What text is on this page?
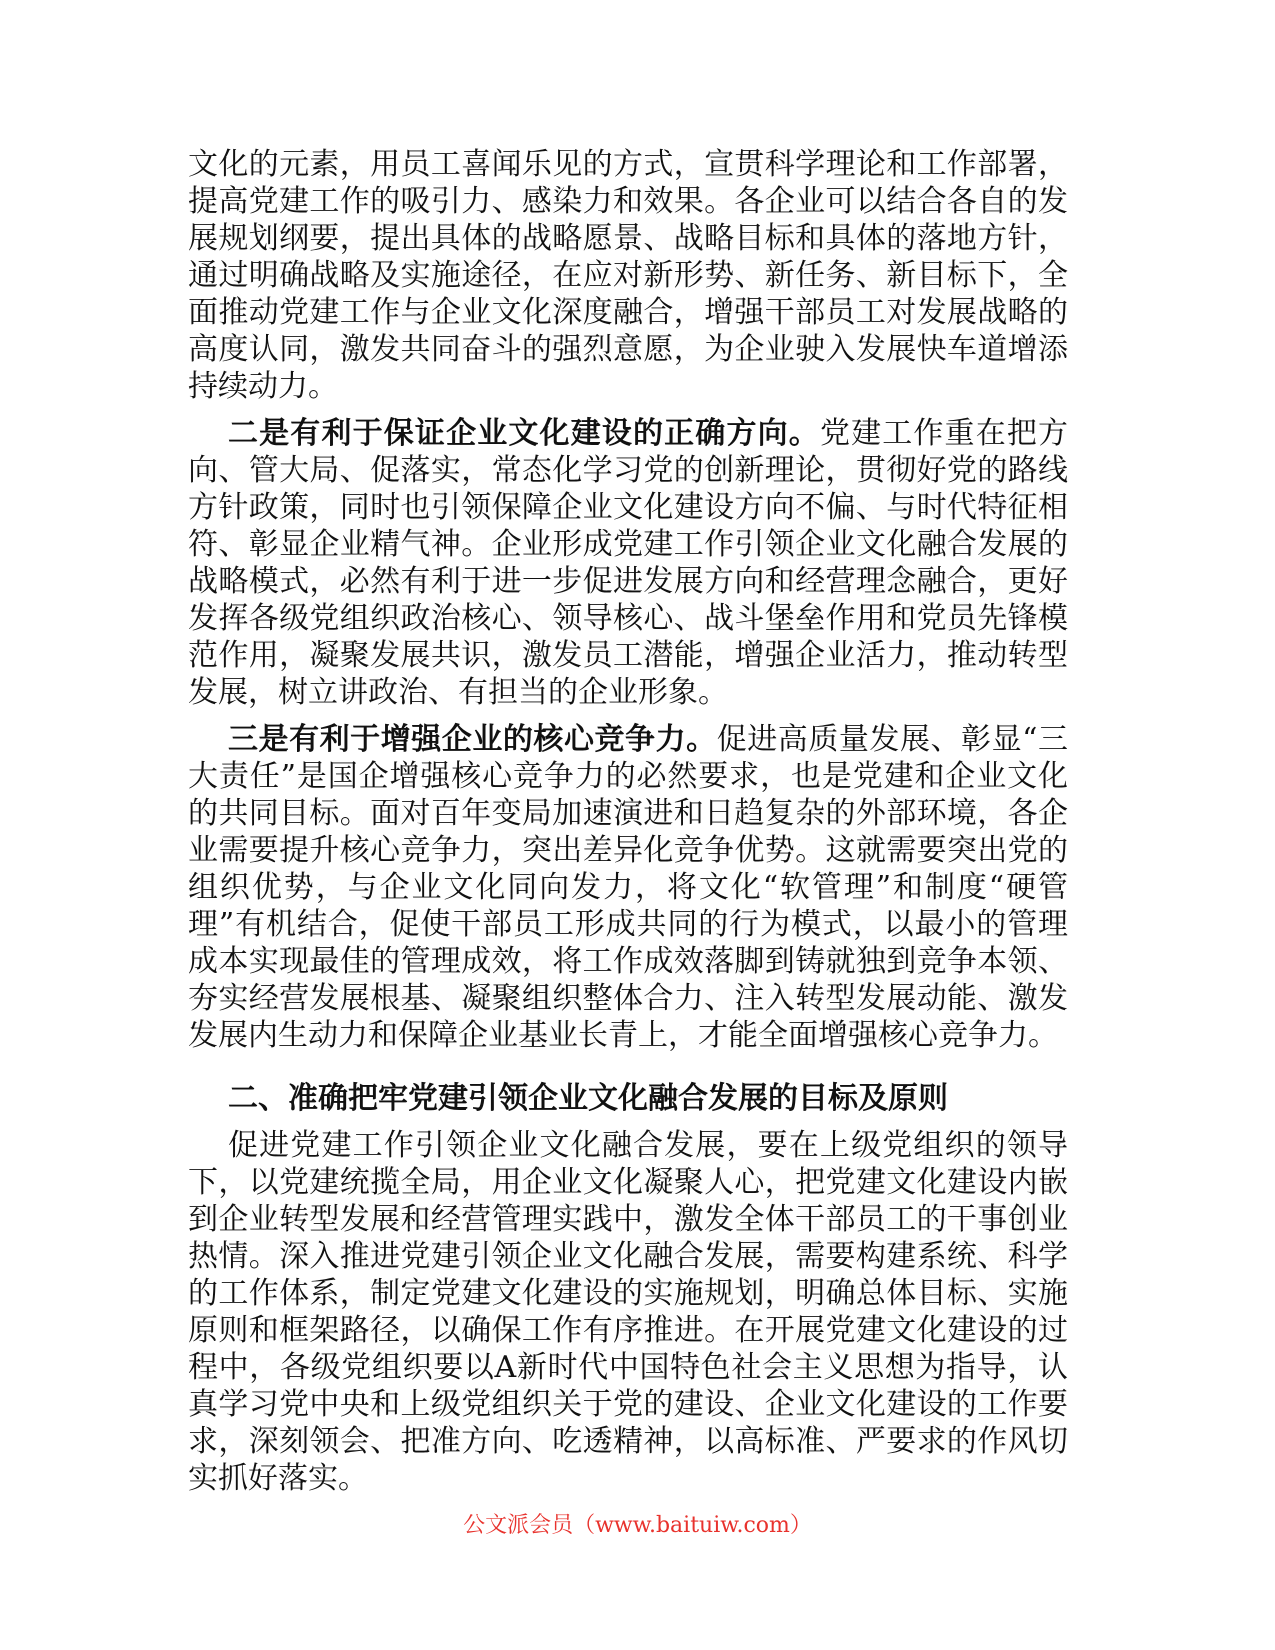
文化的元素，用员工喜闻乐见的方式，宣贯科学理论和工作部署，提高党建工作的吸引力、感染力和效果。各企业可以结合各自的发展规划纲要，提出具体的战略愿景、战略目标和具体的落地方针，通过明确战略及实施途径，在应对新形势、新任务、新目标下，全面推动党建工作与企业文化深度融合，增强干部员工对发展战略的高度认同，激发共同奋斗的强烈意愿，为企业驶入发展快车道增添持续动力。

二是有利于保证企业文化建设的正确方向。党建工作重在把方向、管大局、促落实，常态化学习党的创新理论，贯彻好党的路线方针政策，同时也引领保障企业文化建设方向不偏、与时代特征相符、彰显企业精气神。企业形成党建工作引领企业文化融合发展的战略模式，必然有利于进一步促进发展方向和经营理念融合，更好发挥各级党组织政治核心、领导核心、战斗堡垒作用和党员先锋模范作用，凝聚发展共识，激发员工潜能，增强企业活力，推动转型发展，树立讲政治、有担当的企业形象。

三是有利于增强企业的核心竞争力。促进高质量发展、彰显“三大责任”是国企增强核心竞争力的必然要求，也是党建和企业文化的共同目标。面对百年变局加速演进和日趋复杂的外部环境，各企业需要提升核心竞争力，突出差异化竞争优势。这就需要突出党的组织优势，与企业文化同向发力，将文化“软管理”和制度“硬管理”有机结合，促使干部员工形成共同的行为模式，以最小的管理成本实现最佳的管理成效，将工作成效落脚到铸就独到竞争本领、夯实经营发展根基、凝聚组织整体合力、注入转型发展动能、激发发展内生动力和保障企业基业长青上，才能全面增强核心竞争力。

二、准确把牢党建引领企业文化融合发展的目标及原则

促进党建工作引领企业文化融合发展，要在上级党组织的领导下，以党建统揽全局，用企业文化凝聚人心，把党建文化建设内嵌到企业转型发展和经营管理实践中，激发全体干部员工的干事创业热情。深入推进党建引领企业文化融合发展，需要构建系统、科学的工作体系，制定党建文化建设的实施规划，明确总体目标、实施原则和框架路径，以确保工作有序推进。在开展党建文化建设的过程中，各级党组织要以A新时代中国特色社会主义思想为指导，认真学习党中央和上级党组织关于党的建设、企业文化建设的工作要求，深刻领会、把准方向、吃透精神，以高标准、严要求的作风切实抓好落实。

公文派会员（www.baituiw.com）
